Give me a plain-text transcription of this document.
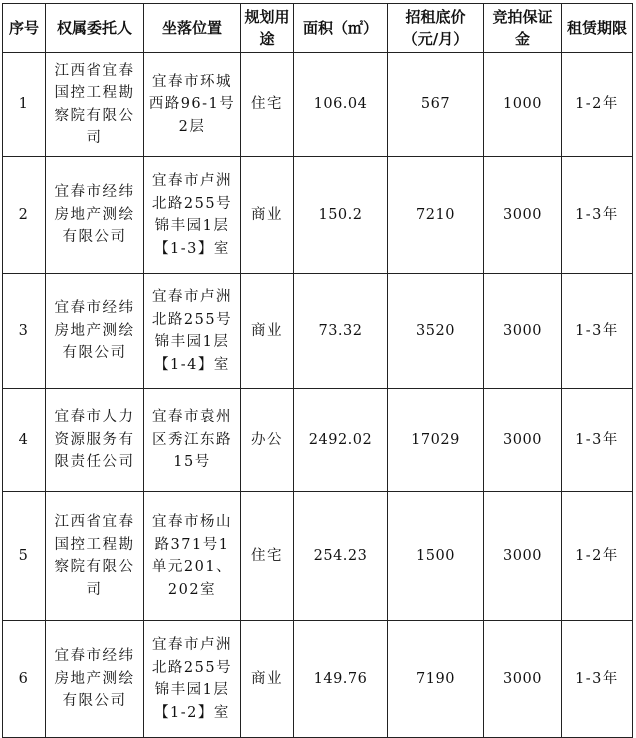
序号	权属委托人	坐落位置	规划用途	面积（㎡）	招租底价（元/月）	竞拍保证金	租赁期限
1	江西省宜春国控工程勘察院有限公司	宜春市环城西路96-1号2层	住宅	106.04	567	1000	1-2年
2	宜春市经纬房地产测绘有限公司	宜春市卢洲北路255号锦丰园1层【1-3】室	商业	150.2	7210	3000	1-3年
3	宜春市经纬房地产测绘有限公司	宜春市卢洲北路255号锦丰园1层【1-4】室	商业	73.32	3520	3000	1-3年
4	宜春市人力资源服务有限责任公司	宜春市袁州区秀江东路15号	办公	2492.02	17029	3000	1-3年
5	江西省宜春国控工程勘察院有限公司	宜春市杨山路371号1单元201、202室	住宅	254.23	1500	3000	1-2年
6	宜春市经纬房地产测绘有限公司	宜春市卢洲北路255号锦丰园1层【1-2】室	商业	149.76	7190	3000	1-3年
